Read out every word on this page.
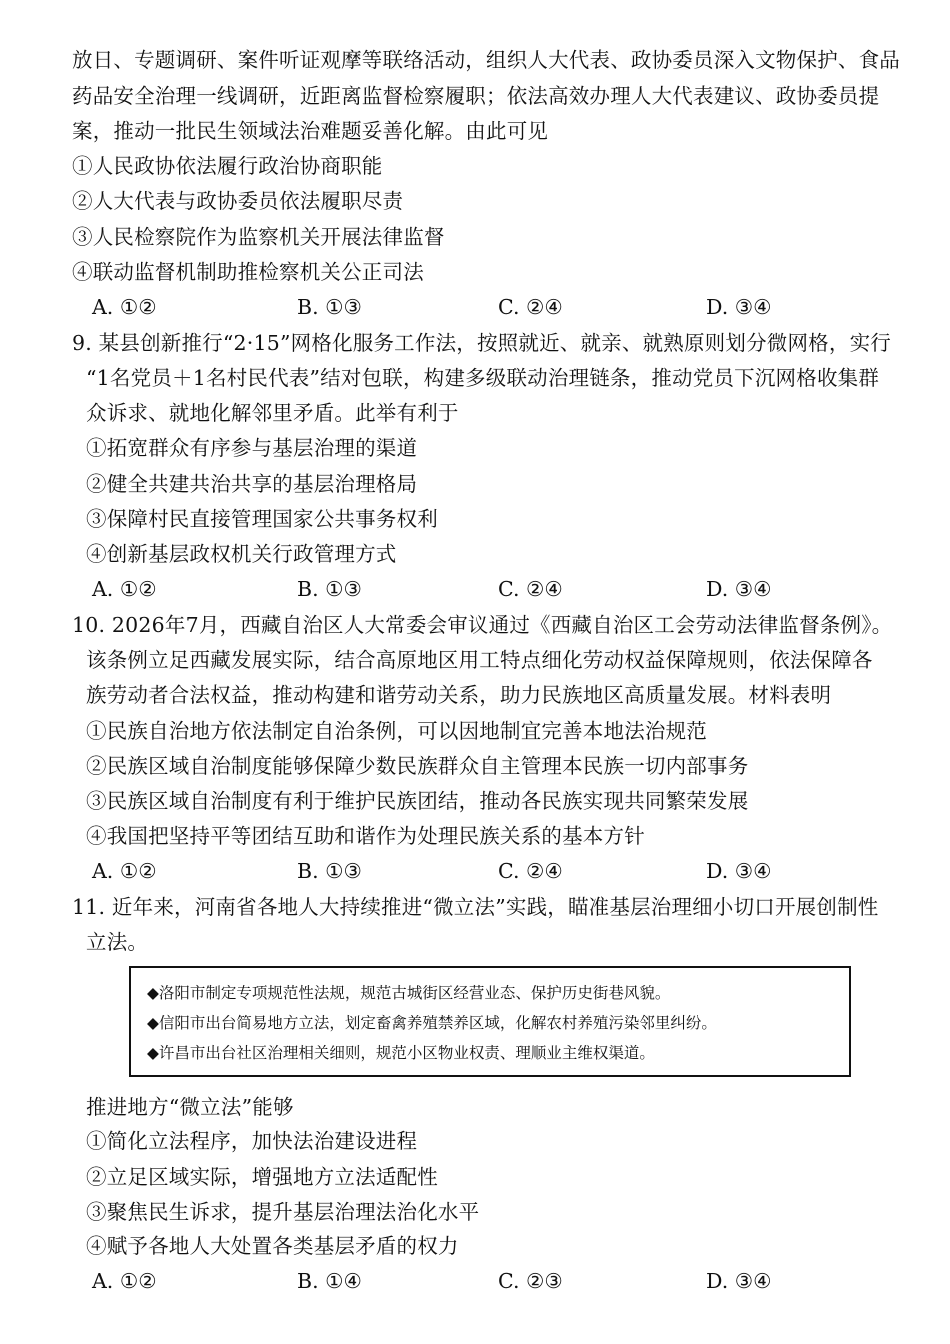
放日、专题调研、案件听证观摩等联络活动，组织人大代表、政协委员深入文物保护、食品
药品安全治理一线调研，近距离监督检察履职；依法高效办理人大代表建议、政协委员提
案，推动一批民生领域法治难题妥善化解。由此可见
①人民政协依法履行政治协商职能
②人大代表与政协委员依法履职尽责
③人民检察院作为监察机关开展法律监督
④联动监督机制助推检察机关公正司法
A. ①②	B. ①③	C. ②④	D. ③④
9. 某县创新推行“2·15”网格化服务工作法，按照就近、就亲、就熟原则划分微网格，实行
“1名党员＋1名村民代表”结对包联，构建多级联动治理链条，推动党员下沉网格收集群
众诉求、就地化解邻里矛盾。此举有利于
①拓宽群众有序参与基层治理的渠道
②健全共建共治共享的基层治理格局
③保障村民直接管理国家公共事务权利
④创新基层政权机关行政管理方式
A. ①②	B. ①③	C. ②④	D. ③④
10. 2026年7月，西藏自治区人大常委会审议通过《西藏自治区工会劳动法律监督条例》。
该条例立足西藏发展实际，结合高原地区用工特点细化劳动权益保障规则，依法保障各
族劳动者合法权益，推动构建和谐劳动关系，助力民族地区高质量发展。材料表明
①民族自治地方依法制定自治条例，可以因地制宜完善本地法治规范
②民族区域自治制度能够保障少数民族群众自主管理本民族一切内部事务
③民族区域自治制度有利于维护民族团结，推动各民族实现共同繁荣发展
④我国把坚持平等团结互助和谐作为处理民族关系的基本方针
A. ①②	B. ①③	C. ②④	D. ③④
11. 近年来，河南省各地人大持续推进“微立法”实践，瞄准基层治理细小切口开展创制性
立法。
◆洛阳市制定专项规范性法规，规范古城街区经营业态、保护历史街巷风貌。
◆信阳市出台简易地方立法，划定畜禽养殖禁养区域，化解农村养殖污染邻里纠纷。
◆许昌市出台社区治理相关细则，规范小区物业权责、理顺业主维权渠道。
推进地方“微立法”能够
①简化立法程序，加快法治建设进程
②立足区域实际，增强地方立法适配性
③聚焦民生诉求，提升基层治理法治化水平
④赋予各地人大处置各类基层矛盾的权力
A. ①②	B. ①④	C. ②③	D. ③④
